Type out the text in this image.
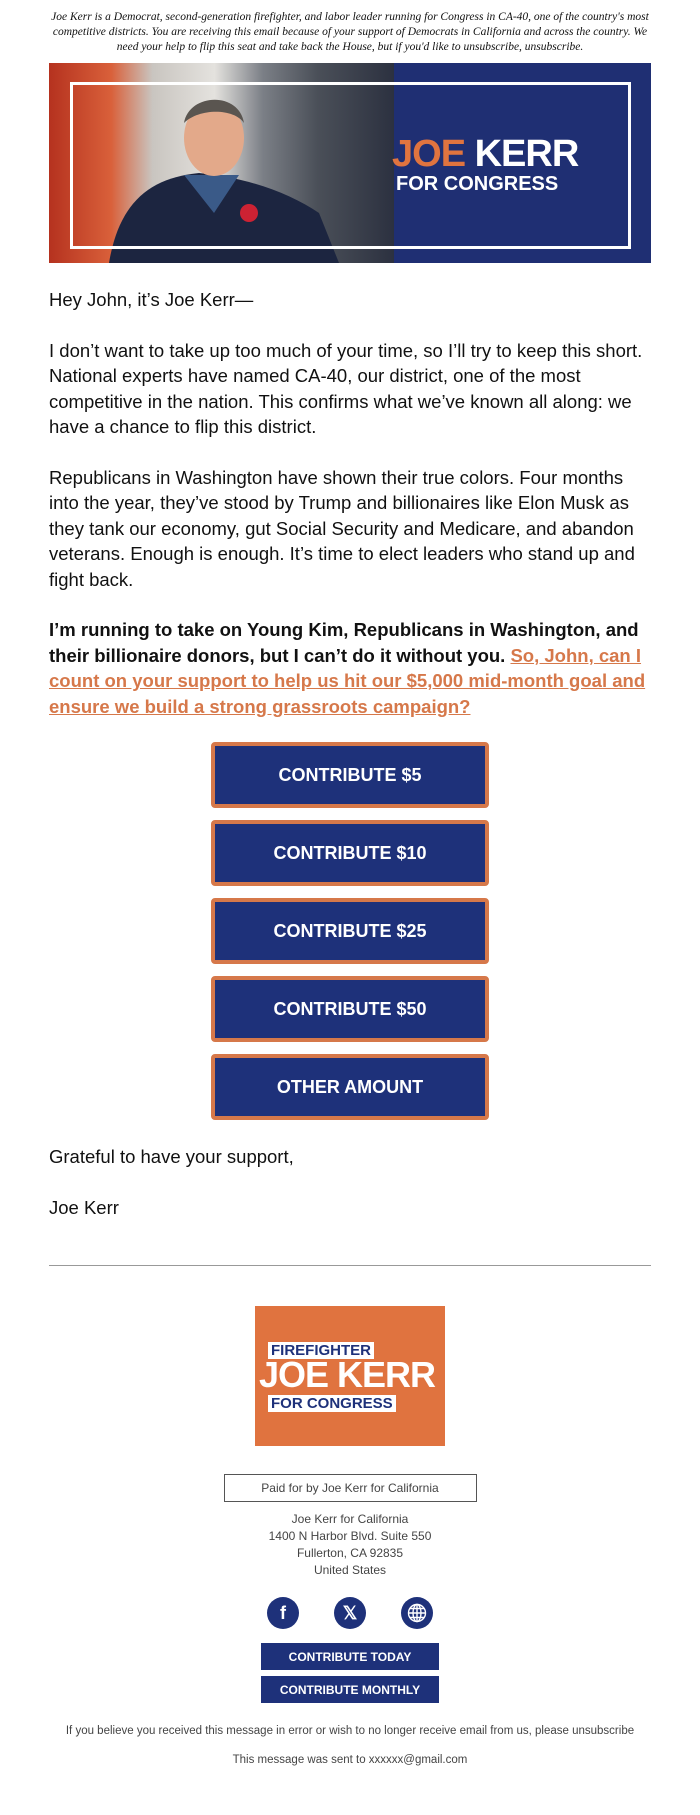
Joe Kerr is a Democrat, second-generation firefighter, and labor leader running for Congress in CA-40, one of the country's most competitive districts. You are receiving this email because of your support of Democrats in California and across the country. We need your help to flip this seat and take back the House, but if you'd like to unsubscribe, unsubscribe.
JOE KERR
FOR CONGRESS

Hey John, it’s Joe Kerr—

I don’t want to take up too much of your time, so I’ll try to keep this short. National experts have named CA-40, our district, one of the most competitive in the nation. This confirms what we’ve known all along: we have a chance to flip this district.

Republicans in Washington have shown their true colors. Four months into the year, they’ve stood by Trump and billionaires like Elon Musk as they tank our economy, gut Social Security and Medicare, and abandon veterans. Enough is enough. It’s time to elect leaders who stand up and fight back.

I’m running to take on Young Kim, Republicans in Washington, and their billionaire donors, but I can’t do it without you. So, John, can I count on your support to help us hit our $5,000 mid-month goal and ensure we build a strong grassroots campaign?

CONTRIBUTE $5
CONTRIBUTE $10
CONTRIBUTE $25
CONTRIBUTE $50
OTHER AMOUNT

Grateful to have your support,

Joe Kerr

FIREFIGHTER
JOE KERR
FOR CONGRESS
Paid for by Joe Kerr for California
Joe Kerr for California
1400 N Harbor Blvd. Suite 550
Fullerton, CA 92835
United States
f	𝕏
CONTRIBUTE TODAY
CONTRIBUTE MONTHLY
If you believe you received this message in error or wish to no longer receive email from us, please unsubscribe
This message was sent to xxxxxx@gmail.com
